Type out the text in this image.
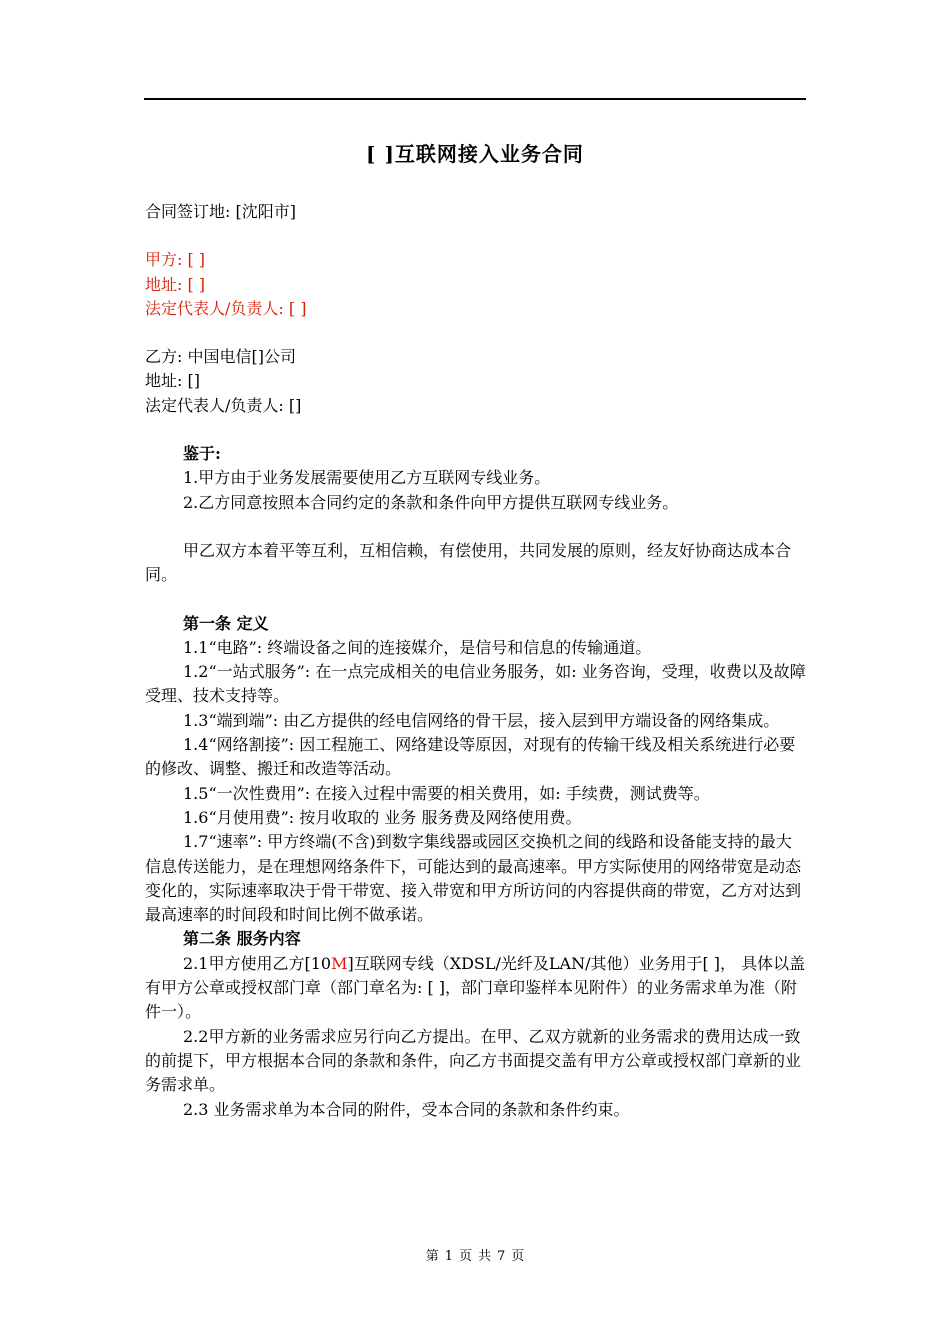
[ ]互联网接入业务合同

合同签订地: [沈阳市]

甲方: [ ]

地址: [ ]

法定代表人/负责人: [ ]

乙方: 中国电信[]公司

地址: []

法定代表人/负责人: []

鉴于:

1.甲方由于业务发展需要使用乙方互联网专线业务。

2.乙方同意按照本合同约定的条款和条件向甲方提供互联网专线业务。

甲乙双方本着平等互利，互相信赖，有偿使用，共同发展的原则，经友好协商达成本合同。

第一条 定义

1.1“电路”: 终端设备之间的连接媒介，是信号和信息的传输通道。

1.2“一站式服务”: 在一点完成相关的电信业务服务，如: 业务咨询，受理，收费以及故障受理、技术支持等。

1.3“端到端”: 由乙方提供的经电信网络的骨干层，接入层到甲方端设备的网络集成。

1.4“网络割接”: 因工程施工、网络建设等原因，对现有的传输干线及相关系统进行必要的修改、调整、搬迁和改造等活动。

1.5“一次性费用”: 在接入过程中需要的相关费用，如: 手续费，测试费等。

1.6“月使用费”: 按月收取的 业务 服务费及网络使用费。

1.7“速率”: 甲方终端(不含)到数字集线器或园区交换机之间的线路和设备能支持的最大信息传送能力，是在理想网络条件下，可能达到的最高速率。甲方实际使用的网络带宽是动态变化的，实际速率取决于骨干带宽、接入带宽和甲方所访问的内容提供商的带宽，乙方对达到最高速率的时间段和时间比例不做承诺。

第二条 服务内容

2.1甲方使用乙方[10M]互联网专线（XDSL/光纤及LAN/其他）业务用于[ ]， 具体以盖有甲方公章或授权部门章（部门章名为: [ ]，部门章印鉴样本见附件）的业务需求单为准（附件一）。

2.2甲方新的业务需求应另行向乙方提出。在甲、乙双方就新的业务需求的费用达成一致的前提下，甲方根据本合同的条款和条件，向乙方书面提交盖有甲方公章或授权部门章新的业务需求单。

2.3 业务需求单为本合同的附件，受本合同的条款和条件约束。

第 1 页 共 7 页
